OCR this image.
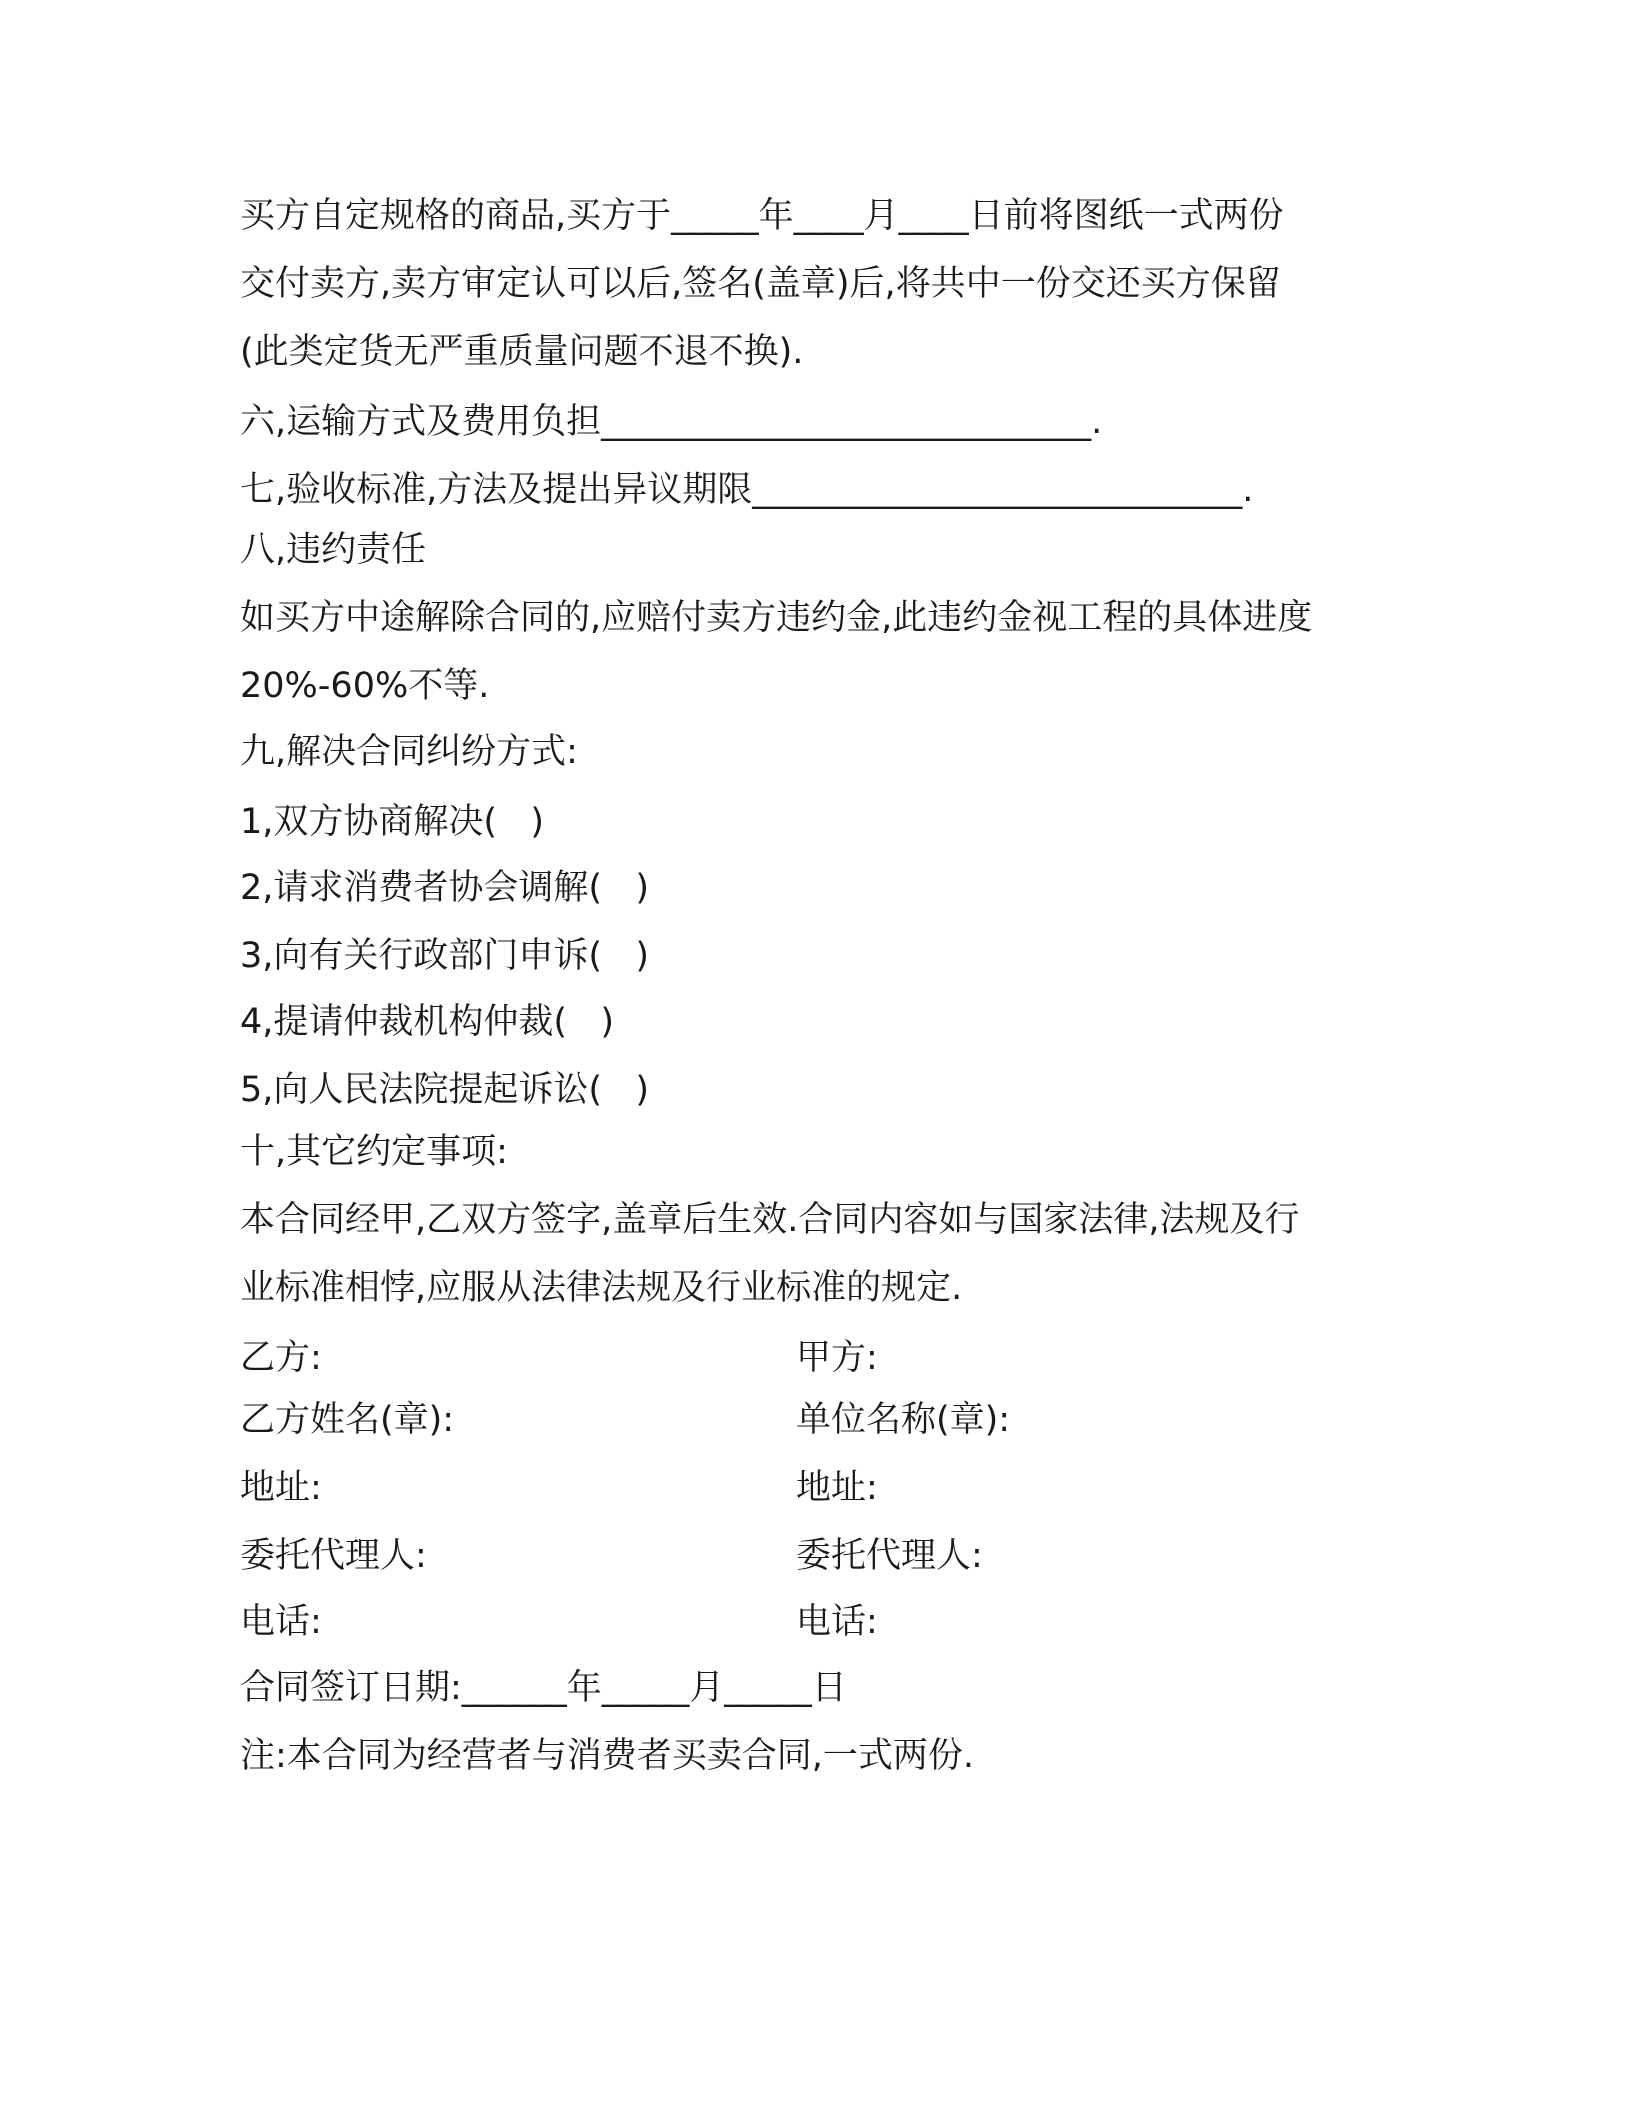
买方自定规格的商品,买方于_____年____月____日前将图纸一式两份
交付卖方,卖方审定认可以后,签名(盖章)后,将共中一份交还买方保留
(此类定货无严重质量问题不退不换).
六,运输方式及费用负担____________________________.
七,验收标准,方法及提出异议期限____________________________.
八,违约责任
如买方中途解除合同的,应赔付卖方违约金,此违约金视工程的具体进度
20%-60%不等.
九,解决合同纠纷方式:
1,双方协商解决(   )
2,请求消费者协会调解(   )
3,向有关行政部门申诉(   )
4,提请仲裁机构仲裁(   )
5,向人民法院提起诉讼(   )
十,其它约定事项:
本合同经甲,乙双方签字,盖章后生效.合同内容如与国家法律,法规及行
业标准相悖,应服从法律法规及行业标准的规定.
乙方:	甲方:
乙方姓名(章):	单位名称(章):
地址:	地址:
委托代理人:	委托代理人:
电话:	电话:
合同签订日期:______年_____月_____日
注:本合同为经营者与消费者买卖合同,一式两份.
